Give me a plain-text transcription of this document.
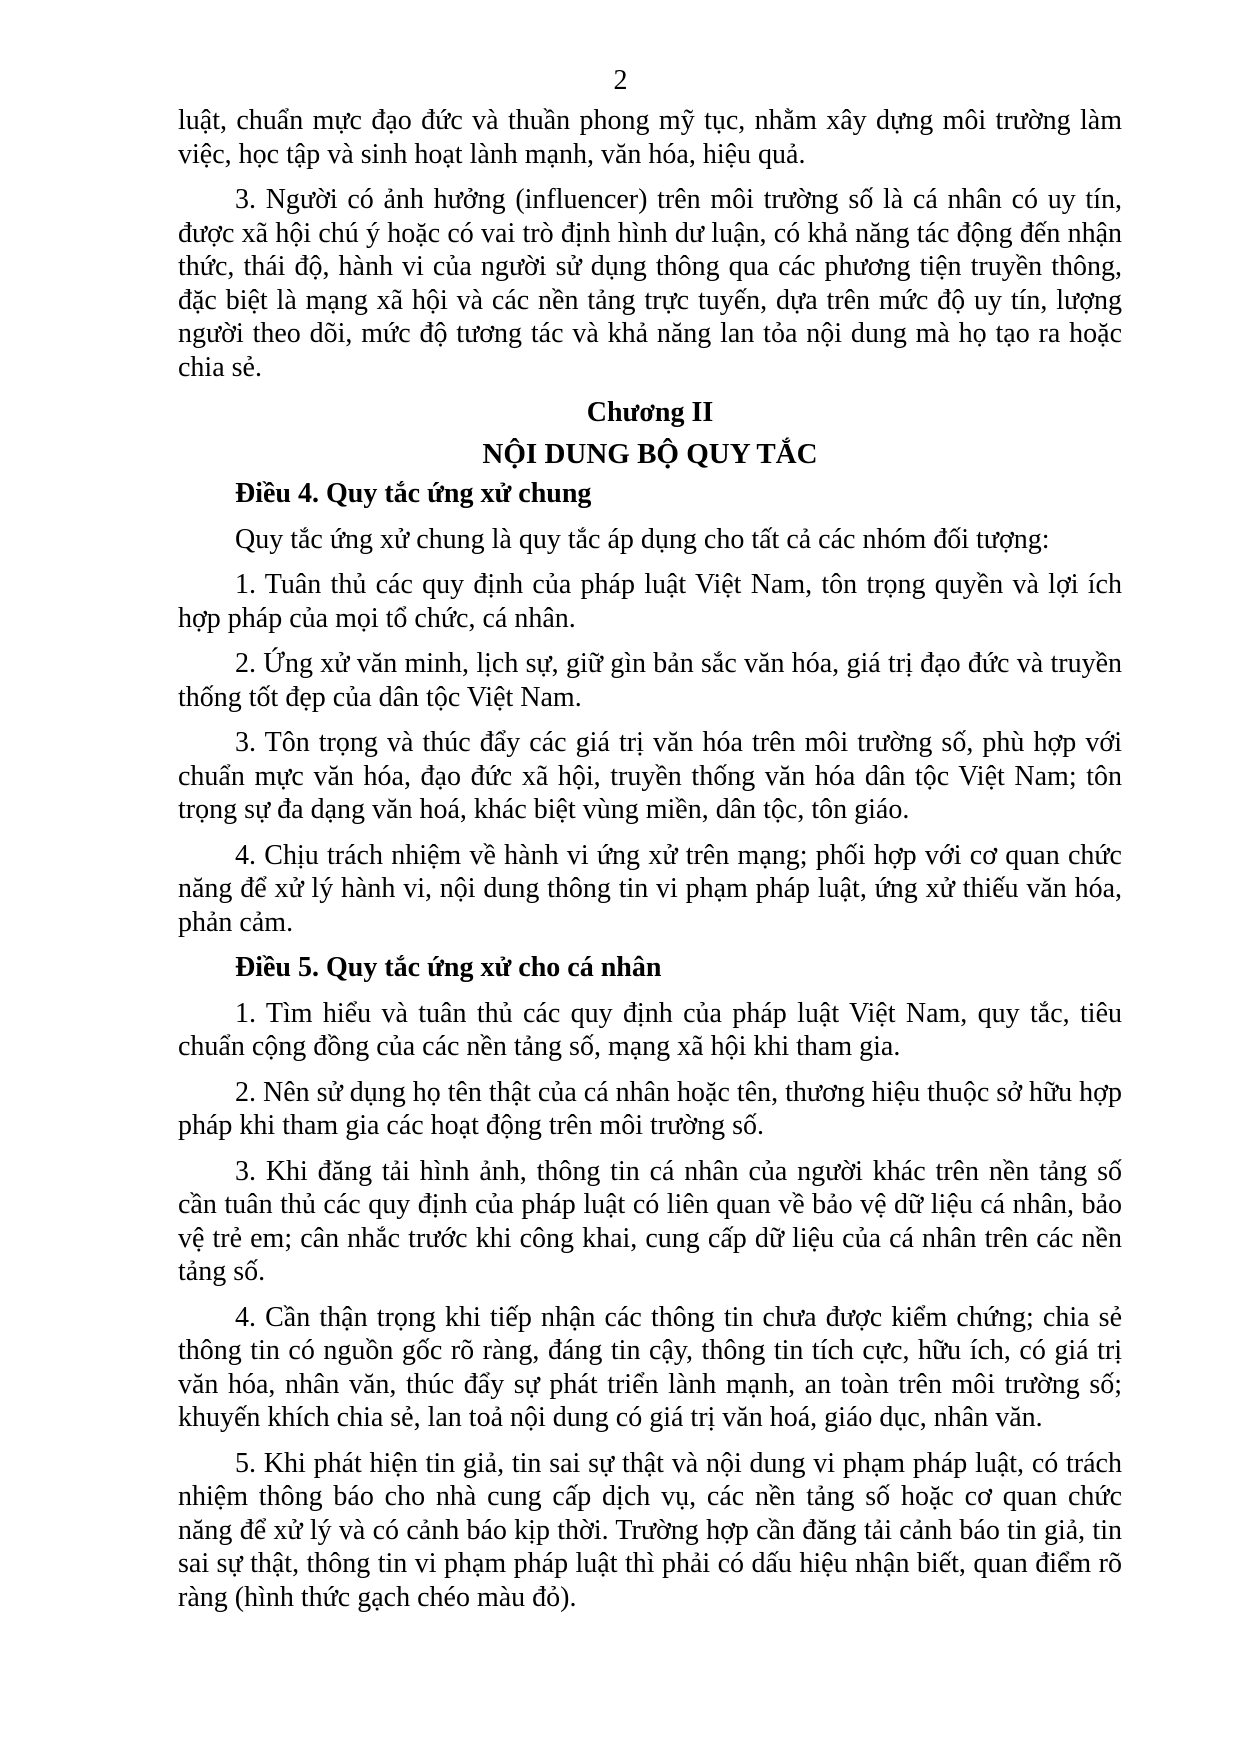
2

luật, chuẩn mực đạo đức và thuần phong mỹ tục, nhằm xây dựng môi trường làm việc, học tập và sinh hoạt lành mạnh, văn hóa, hiệu quả.

3. Người có ảnh hưởng (influencer) trên môi trường số là cá nhân có uy tín, được xã hội chú ý hoặc có vai trò định hình dư luận, có khả năng tác động đến nhận thức, thái độ, hành vi của người sử dụng thông qua các phương tiện truyền thông, đặc biệt là mạng xã hội và các nền tảng trực tuyến, dựa trên mức độ uy tín, lượng người theo dõi, mức độ tương tác và khả năng lan tỏa nội dung mà họ tạo ra hoặc chia sẻ.

Chương II

NỘI DUNG BỘ QUY TẮC

Điều 4. Quy tắc ứng xử chung

Quy tắc ứng xử chung là quy tắc áp dụng cho tất cả các nhóm đối tượng:

1. Tuân thủ các quy định của pháp luật Việt Nam, tôn trọng quyền và lợi ích hợp pháp của mọi tổ chức, cá nhân.

2. Ứng xử văn minh, lịch sự, giữ gìn bản sắc văn hóa, giá trị đạo đức và truyền thống tốt đẹp của dân tộc Việt Nam.

3. Tôn trọng và thúc đẩy các giá trị văn hóa trên môi trường số, phù hợp với chuẩn mực văn hóa, đạo đức xã hội, truyền thống văn hóa dân tộc Việt Nam; tôn trọng sự đa dạng văn hoá, khác biệt vùng miền, dân tộc, tôn giáo.

4. Chịu trách nhiệm về hành vi ứng xử trên mạng; phối hợp với cơ quan chức năng để xử lý hành vi, nội dung thông tin vi phạm pháp luật, ứng xử thiếu văn hóa, phản cảm.

Điều 5. Quy tắc ứng xử cho cá nhân

1. Tìm hiểu và tuân thủ các quy định của pháp luật Việt Nam, quy tắc, tiêu chuẩn cộng đồng của các nền tảng số, mạng xã hội khi tham gia.

2. Nên sử dụng họ tên thật của cá nhân hoặc tên, thương hiệu thuộc sở hữu hợp pháp khi tham gia các hoạt động trên môi trường số.

3. Khi đăng tải hình ảnh, thông tin cá nhân của người khác trên nền tảng số cần tuân thủ các quy định của pháp luật có liên quan về bảo vệ dữ liệu cá nhân, bảo vệ trẻ em; cân nhắc trước khi công khai, cung cấp dữ liệu của cá nhân trên các nền tảng số.

4. Cần thận trọng khi tiếp nhận các thông tin chưa được kiểm chứng; chia sẻ thông tin có nguồn gốc rõ ràng, đáng tin cậy, thông tin tích cực, hữu ích, có giá trị văn hóa, nhân văn, thúc đẩy sự phát triển lành mạnh, an toàn trên môi trường số; khuyến khích chia sẻ, lan toả nội dung có giá trị văn hoá, giáo dục, nhân văn.

5. Khi phát hiện tin giả, tin sai sự thật và nội dung vi phạm pháp luật, có trách nhiệm thông báo cho nhà cung cấp dịch vụ, các nền tảng số hoặc cơ quan chức năng để xử lý và có cảnh báo kịp thời. Trường hợp cần đăng tải cảnh báo tin giả, tin sai sự thật, thông tin vi phạm pháp luật thì phải có dấu hiệu nhận biết, quan điểm rõ ràng (hình thức gạch chéo màu đỏ).
